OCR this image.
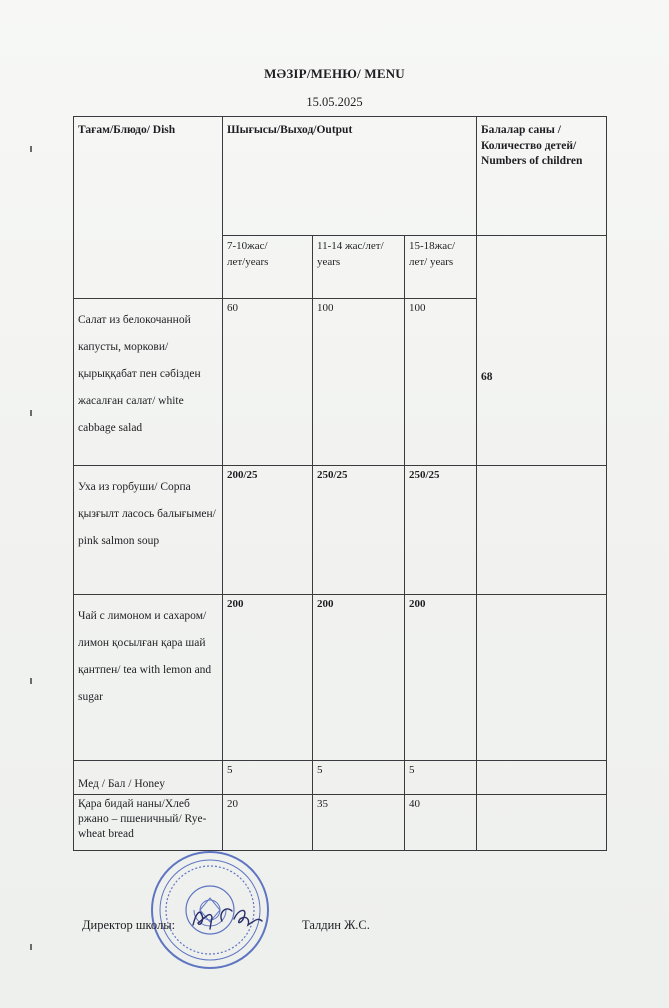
МӘЗІР/МЕНЮ/ MENU
15.05.2025
Тағам/Блюдо/ Dish	Шығысы/Выход/Output			Балалар саны /Количество детей/ Numbers of children
	7-10жас/лет/years	11-14 жас/лет/ years	15-18жас/лет/ years	68
Салат из белокочанной капусты, моркови/ қырыққабат пен сәбізден жасалған салат/ white cabbage salad	60	100	100	
Уха из горбуши/ Сорпа қызғылт ласось балығымен/ pink salmon soup	200/25	250/25	250/25	
Чай с лимоном и сахаром/ лимон қосылған қара шай қантпен/ tea with lemon and sugar	200	200	200	
Мед / Бал / Honey	5	5	5	
Қара бидай наны/Хлеб ржано – пшеничный/ Rye-wheat bread	20	35	40	
Директор школы:	Талдин Ж.С.
